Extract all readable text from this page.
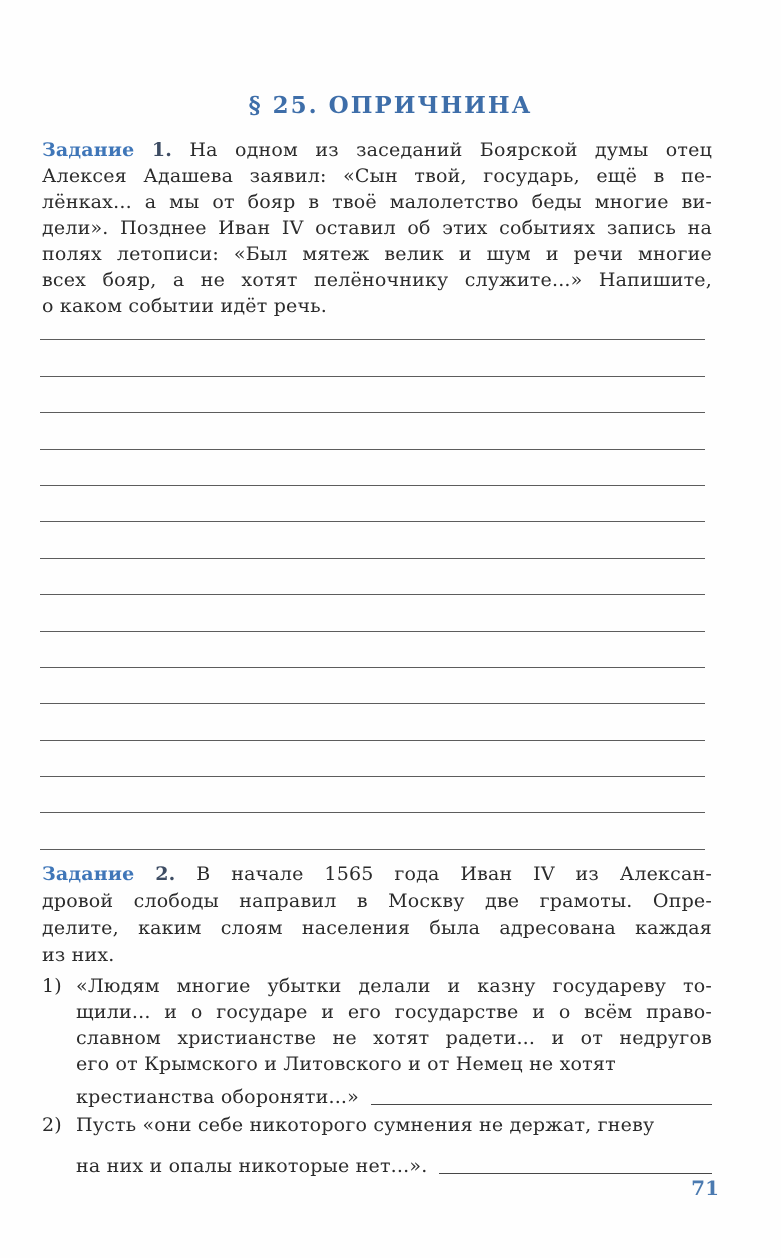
§ 25. ОПРИЧНИНА
Задание 1. На одном из заседаний Боярской думы отец
Алексея Адашева заявил: «Сын твой, государь, ещё в пе-
лёнках... а мы от бояр в твоё малолетство беды многие ви-
дели». Позднее Иван IV оставил об этих событиях запись на
полях летописи: «Был мятеж велик и шум и речи многие
всех бояр, а не хотят пелёночнику служите...» Напишите,
о каком событии идёт речь.
Задание 2. В начале 1565 года Иван IV из Алексан-
дровой слободы направил в Москву две грамоты. Опре-
делите, каким слоям населения была адресована каждая
из них.
1) «Людям многие убытки делали и казну государеву то-
щили... и о государе и его государстве и о всём право-
славном христианстве не хотят радети... и от недругов
его от Крымского и Литовского и от Немец не хотят
крестианства обороняти...»
2) Пусть «они себе никоторого сумнения не держат, гневу
на них и опалы никоторые нет...».
71
